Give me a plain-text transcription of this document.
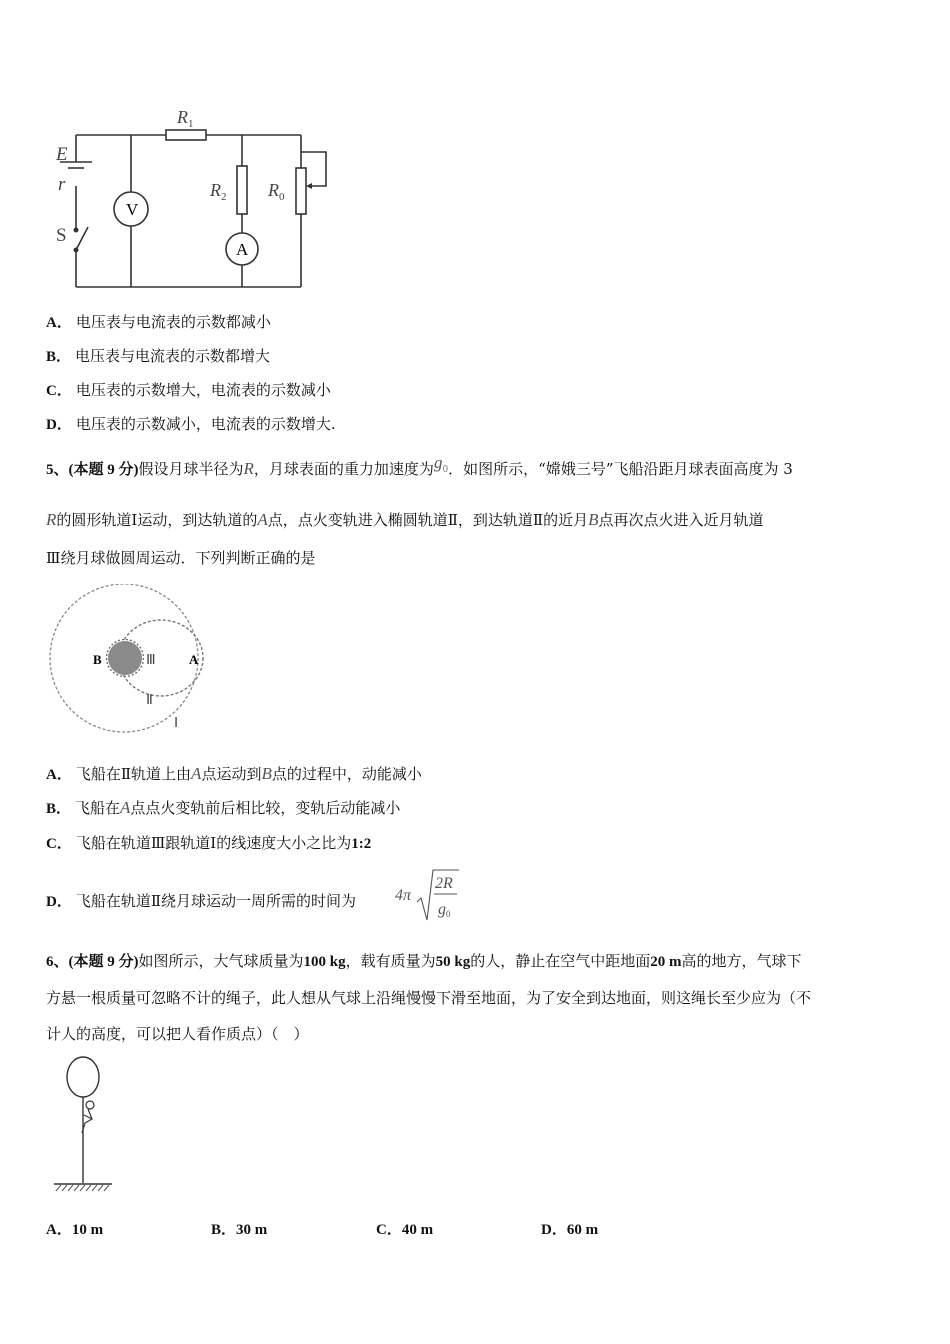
V
A
$R_1$
$R_2$ $R_0$
E
r
S
A． 电压表与电流表的示数都减小
B． 电压表与电流表的示数都增大
C． 电压表的示数增大，电流表的示数减小
D． 电压表的示数减小，电流表的示数增大.
5、(本题 9 分)假设月球半径为R，月球表面的重力加速度为$g_0$．如图所示，“嫦娥三号”飞船沿距月球表面高度为 3
R的圆形轨道Ⅰ运动，到达轨道的A点，点火变轨进入椭圆轨道Ⅱ，到达轨道Ⅱ的近月B点再次点火进入近月轨道
Ⅲ绕月球做圆周运动．下列判断正确的是
B	A
Ⅲ
Ⅱ
Ⅰ
A． 飞船在Ⅱ轨道上由A点运动到B点的过程中，动能减小
B． 飞船在A点点火变轨前后相比较，变轨后动能减小
C． 飞船在轨道Ⅲ跟轨道Ⅰ的线速度大小之比为1:2
D． 飞船在轨道Ⅱ绕月球运动一周所需的时间为 4π
2R
g0
6、(本题 9 分)如图所示，大气球质量为100 kg，载有质量为50 kg的人，静止在空气中距地面20 m高的地方，气球下
方悬一根质量可忽略不计的绳子，此人想从气球上沿绳慢慢下滑至地面，为了安全到达地面，则这绳长至少应为（不
计人的高度，可以把人看作质点）（　）
A．10 m	B．30 m	C．40 m	D．60 m
